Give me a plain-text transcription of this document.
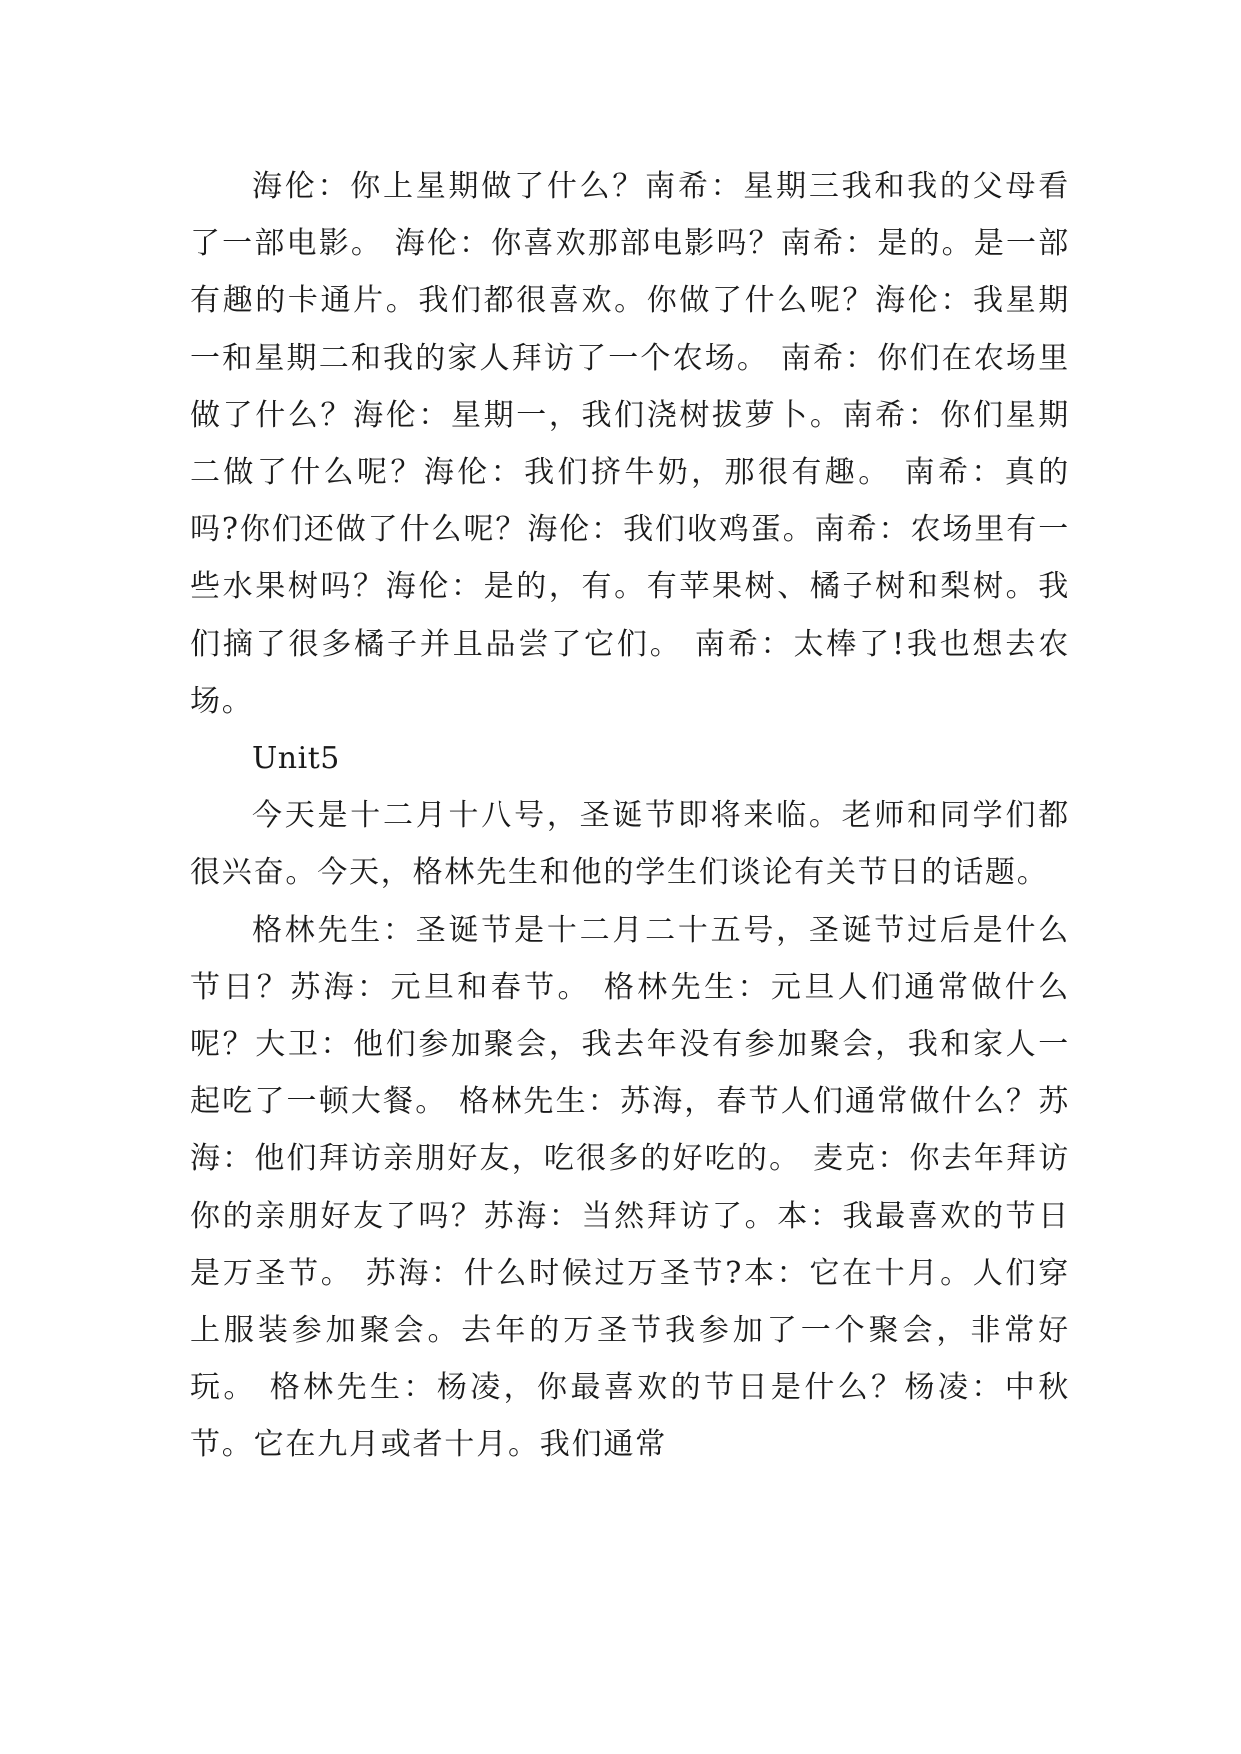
海伦：你上星期做了什么？南希：星期三我和我的父母看了一部电影。 海伦：你喜欢那部电影吗？南希：是的。是一部有趣的卡通片。我们都很喜欢。你做了什么呢？海伦：我星期一和星期二和我的家人拜访了一个农场。 南希：你们在农场里做了什么？海伦：星期一，我们浇树拔萝卜。南希：你们星期二做了什么呢？海伦：我们挤牛奶，那很有趣。 南希：真的吗?你们还做了什么呢？海伦：我们收鸡蛋。南希：农场里有一些水果树吗？海伦：是的，有。有苹果树、橘子树和梨树。我们摘了很多橘子并且品尝了它们。 南希：太棒了!我也想去农场。

Unit5

今天是十二月十八号，圣诞节即将来临。老师和同学们都很兴奋。今天，格林先生和他的学生们谈论有关节日的话题。

格林先生：圣诞节是十二月二十五号，圣诞节过后是什么节日？苏海：元旦和春节。 格林先生：元旦人们通常做什么呢？大卫：他们参加聚会，我去年没有参加聚会，我和家人一起吃了一顿大餐。 格林先生：苏海，春节人们通常做什么？苏海：他们拜访亲朋好友，吃很多的好吃的。 麦克：你去年拜访你的亲朋好友了吗？苏海：当然拜访了。本：我最喜欢的节日是万圣节。 苏海：什么时候过万圣节?本：它在十月。人们穿上服装参加聚会。去年的万圣节我参加了一个聚会，非常好玩。 格林先生：杨凌，你最喜欢的节日是什么？杨凌：中秋节。它在九月或者十月。我们通常
